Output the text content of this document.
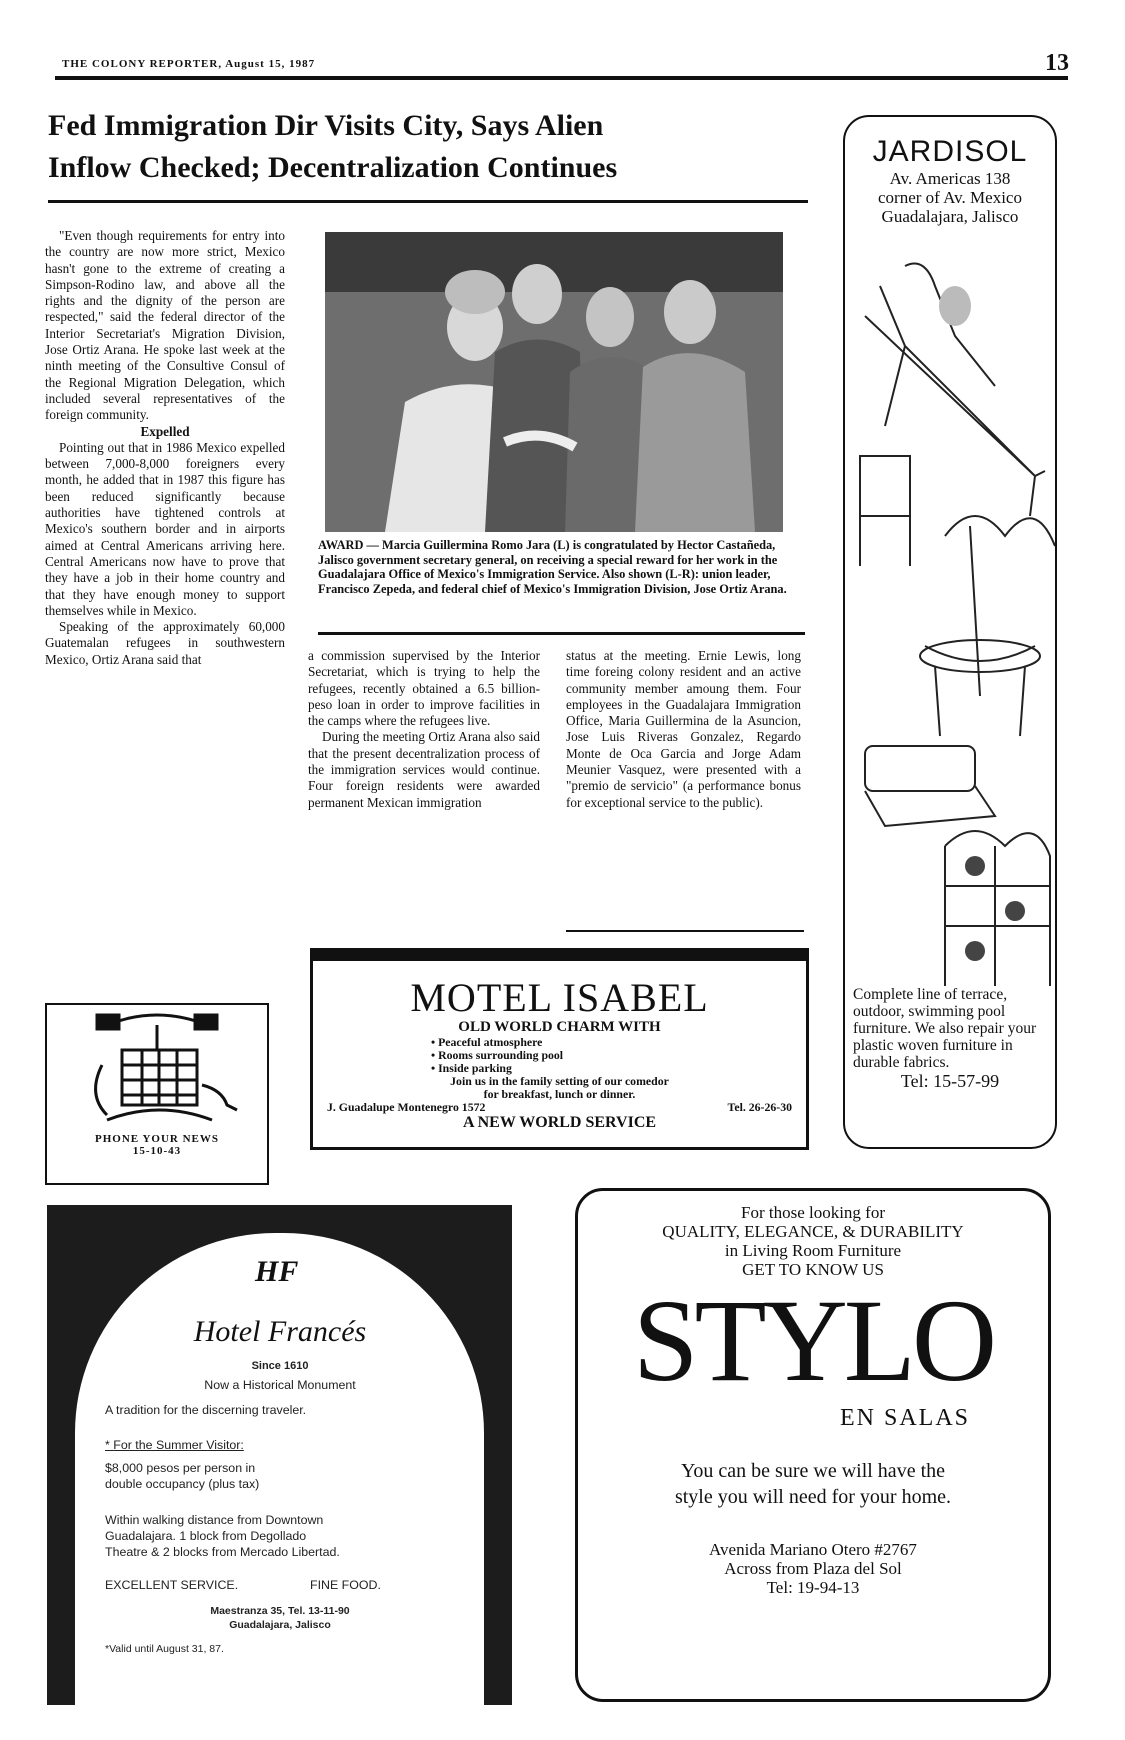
THE COLONY REPORTER, August 15, 1987	13
Fed Immigration Dir Visits City, Says Alien
Inflow Checked; Decentralization Continues

"Even though requirements for entry into the country are now more strict, Mexico hasn't gone to the extreme of creating a Simpson-Rodino law, and above all the rights and the dignity of the person are respected," said the federal director of the Interior Secretariat's Migration Division, Jose Ortiz Arana. He spoke last week at the ninth meeting of the Consultive Consul of the Regional Migration Delegation, which included several representatives of the foreign community.

Expelled

Pointing out that in 1986 Mexico expelled between 7,000-8,000 foreigners every month, he added that in 1987 this figure has been reduced significantly because authorities have tightened controls at Mexico's southern border and in airports aimed at Central Americans arriving here. Central Americans now have to prove that they have a job in their home country and that they have enough money to support themselves while in Mexico.

Speaking of the approximately 60,000 Guatemalan refugees in southwestern Mexico, Ortiz Arana said that

AWARD — Marcia Guillermina Romo Jara (L) is congratulated by Hector Castañeda, Jalisco government secretary general, on receiving a special reward for her work in the Guadalajara Office of Mexico's Immigration Service. Also shown (L-R): union leader, Francisco Zepeda, and federal chief of Mexico's Immigration Division, Jose Ortiz Arana.

a commission supervised by the Interior Secretariat, which is trying to help the refugees, recently obtained a 6.5 billion-peso loan in order to improve facilities in the camps where the refugees live.

During the meeting Ortiz Arana also said that the present decentralization process of the immigration services would continue. Four foreign residents were awarded permanent Mexican immigration

status at the meeting. Ernie Lewis, long time foreing colony resident and an active community member amoung them. Four employees in the Guadalajara Immigration Office, Maria Guillermina de la Asuncion, Jose Luis Riveras Gonzalez, Regardo Monte de Oca Garcia and Jorge Adam Meunier Vasquez, were presented with a "premio de servicio" (a performance bonus for exceptional service to the public).

JARDISOL
Av. Americas 138
corner of Av. Mexico
Guadalajara, Jalisco
Complete line of terrace, outdoor, swimming pool furniture. We also repair your plastic woven furniture in durable fabrics.
Tel: 15-57-99
PHONE YOUR NEWS
15-10-43
MOTEL ISABEL
OLD WORLD CHARM WITH
• Peaceful atmosphere
• Rooms surrounding pool
• Inside parking
Join us in the family setting of our comedor
for breakfast, lunch or dinner.
J. Guadalupe Montenegro 1572	Tel. 26-26-30
A NEW WORLD SERVICE
HF
Hotel Francés
Since 1610
Now a Historical Monument
A tradition for the discerning traveler.
* For the Summer Visitor:
$8,000 pesos per person in
double occupancy (plus tax)
Within walking distance from Downtown
Guadalajara. 1 block from Degollado
Theatre & 2 blocks from Mercado Libertad.
EXCELLENT SERVICE.	FINE FOOD.
Maestranza 35, Tel. 13-11-90
Guadalajara, Jalisco
*Valid until August 31, 87.
For those looking for
QUALITY, ELEGANCE, & DURABILITY
in Living Room Furniture
GET TO KNOW US
STYLO
EN SALAS
You can be sure we will have the
style you will need for your home.
Avenida Mariano Otero #2767
Across from Plaza del Sol
Tel: 19-94-13
